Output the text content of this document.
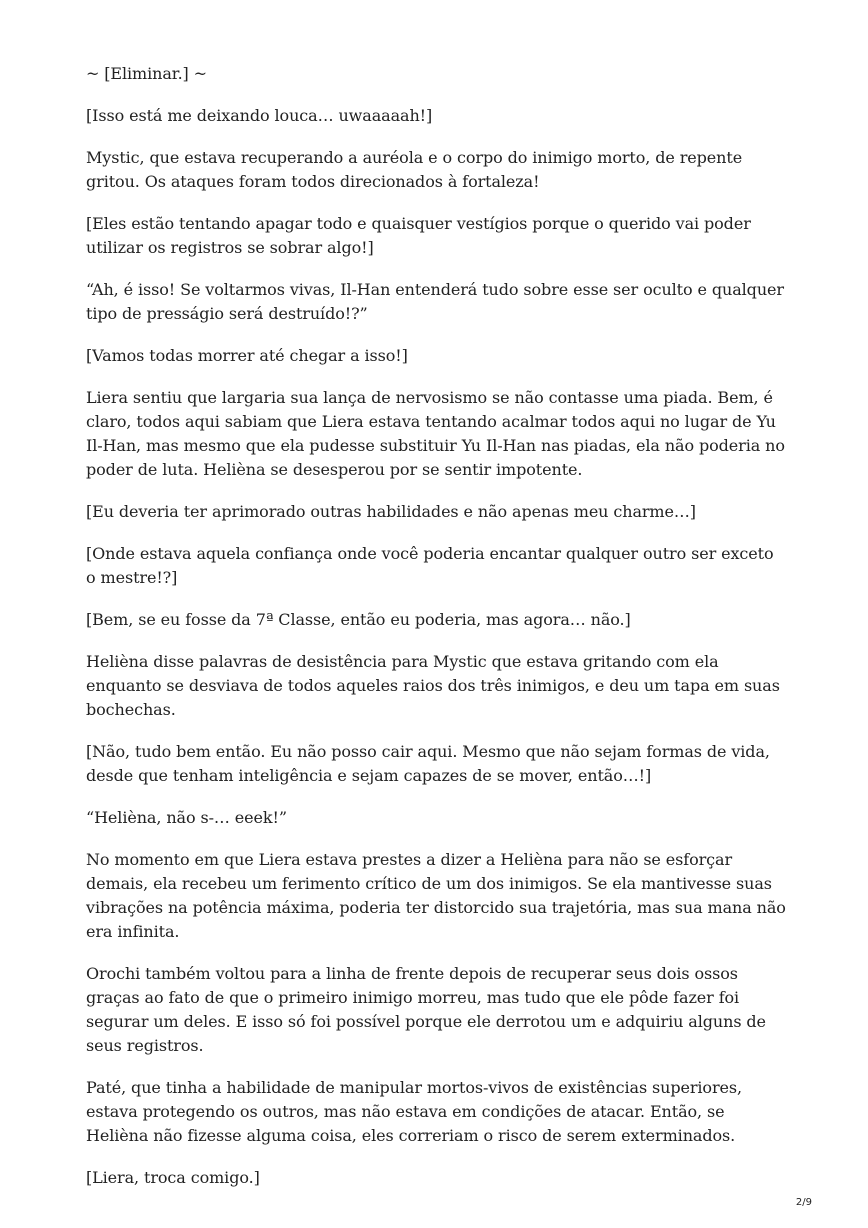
~ [Eliminar.] ~

[Isso está me deixando louca… uwaaaaah!]

Mystic, que estava recuperando a auréola e o corpo do inimigo morto, de repente gritou. Os ataques foram todos direcionados à fortaleza!

[Eles estão tentando apagar todo e quaisquer vestígios porque o querido vai poder utilizar os registros se sobrar algo!]

“Ah, é isso! Se voltarmos vivas, Il-Han entenderá tudo sobre esse ser oculto e qualquer tipo de presságio será destruído!?”

[Vamos todas morrer até chegar a isso!]

Liera sentiu que largaria sua lança de nervosismo se não contasse uma piada. Bem, é claro, todos aqui sabiam que Liera estava tentando acalmar todos aqui no lugar de Yu Il-Han, mas mesmo que ela pudesse substituir Yu Il-Han nas piadas, ela não poderia no poder de luta. Helièna se desesperou por se sentir impotente.

[Eu deveria ter aprimorado outras habilidades e não apenas meu charme…]

[Onde estava aquela confiança onde você poderia encantar qualquer outro ser exceto o mestre!?]

[Bem, se eu fosse da 7ª Classe, então eu poderia, mas agora… não.]

Helièna disse palavras de desistência para Mystic que estava gritando com ela enquanto se desviava de todos aqueles raios dos três inimigos, e deu um tapa em suas bochechas.

[Não, tudo bem então. Eu não posso cair aqui. Mesmo que não sejam formas de vida, desde que tenham inteligência e sejam capazes de se mover, então…!]

“Helièna, não s-… eeek!”

No momento em que Liera estava prestes a dizer a Helièna para não se esforçar demais, ela recebeu um ferimento crítico de um dos inimigos. Se ela mantivesse suas vibrações na potência máxima, poderia ter distorcido sua trajetória, mas sua mana não era infinita.

Orochi também voltou para a linha de frente depois de recuperar seus dois ossos graças ao fato de que o primeiro inimigo morreu, mas tudo que ele pôde fazer foi segurar um deles. E isso só foi possível porque ele derrotou um e adquiriu alguns de seus registros.

Paté, que tinha a habilidade de manipular mortos-vivos de existências superiores, estava protegendo os outros, mas não estava em condições de atacar. Então, se Helièna não fizesse alguma coisa, eles correriam o risco de serem exterminados.

[Liera, troca comigo.]

2/9
